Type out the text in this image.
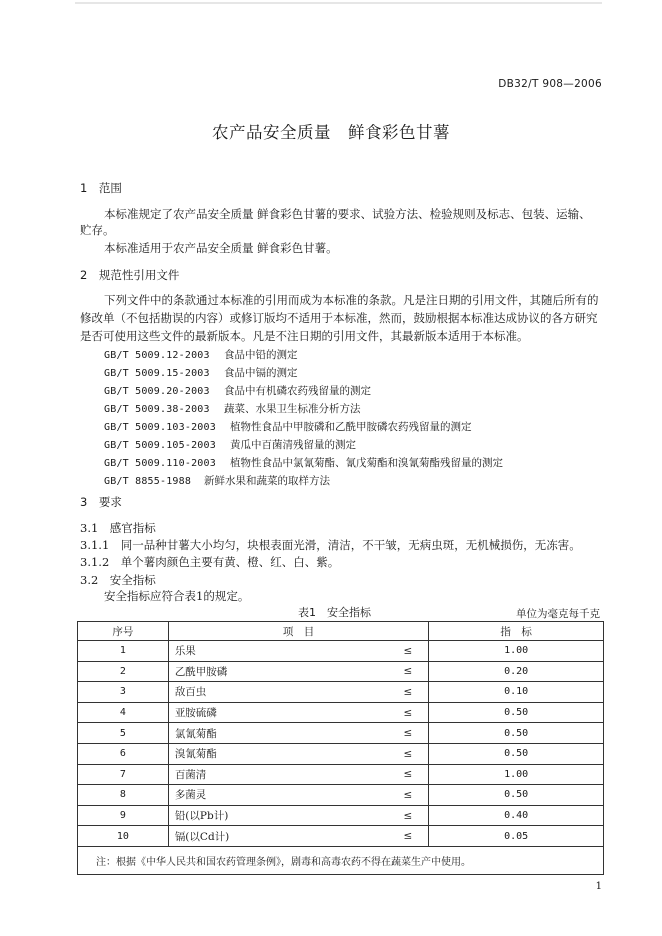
DB32/T 908—2006
农产品安全质量　鲜食彩色甘薯
1　范围
本标准规定了农产品安全质量 鲜食彩色甘薯的要求、试验方法、检验规则及标志、包装、运输、
贮存。
本标准适用于农产品安全质量 鲜食彩色甘薯。
2　规范性引用文件
下列文件中的条款通过本标准的引用而成为本标准的条款。凡是注日期的引用文件，其随后所有的
修改单（不包括勘误的内容）或修订版均不适用于本标准，然而，鼓励根据本标准达成协议的各方研究
是否可使用这些文件的最新版本。凡是不注日期的引用文件，其最新版本适用于本标准。
GB/T 5009.12-2003 食品中铅的测定
GB/T 5009.15-2003 食品中镉的测定
GB/T 5009.20-2003 食品中有机磷农药残留量的测定
GB/T 5009.38-2003 蔬菜、水果卫生标准分析方法
GB/T 5009.103-2003 植物性食品中甲胺磷和乙酰甲胺磷农药残留量的测定
GB/T 5009.105-2003 黄瓜中百菌清残留量的测定
GB/T 5009.110-2003 植物性食品中氯氰菊酯、氰戊菊酯和溴氰菊酯残留量的测定
GB/T 8855-1988 新鲜水果和蔬菜的取样方法
3　要求
3.1　感官指标
3.1.1　同一品种甘薯大小均匀，块根表面光滑，清洁，不干皱，无病虫斑，无机械损伤，无冻害。
3.1.2　单个薯肉颜色主要有黄、橙、红、白、紫。
3.2　安全指标
安全指标应符合表1的规定。
表1　安全指标	单位为毫克每千克
序号	项　目		指　标
1	乐果	≤	1.00
2	乙酰甲胺磷	≤	0.20
3	敌百虫	≤	0.10
4	亚胺硫磷	≤	0.50
5	氯氰菊酯	≤	0.50
6	溴氰菊酯	≤	0.50
7	百菌清	≤	1.00
8	多菌灵	≤	0.50
9	铅(以Pb计)	≤	0.40
10	镉(以Cd计)	≤	0.05
注：根据《中华人民共和国农药管理条例》，剧毒和高毒农药不得在蔬菜生产中使用。			
1
